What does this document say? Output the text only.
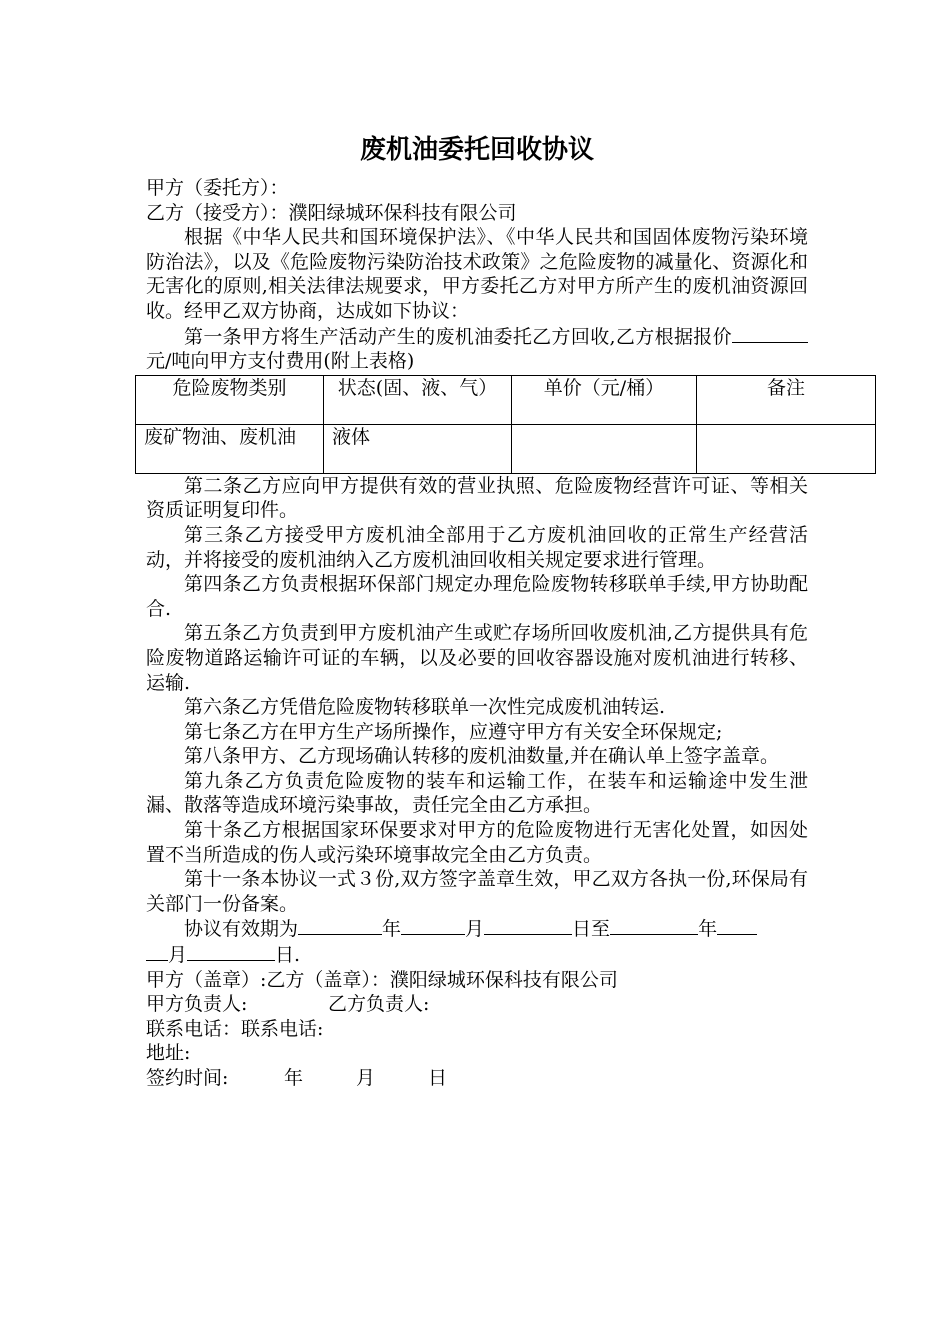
废机油委托回收协议

甲方（委托方）：

乙方（接受方）：濮阳绿城环保科技有限公司

根据《中华人民共和国环境保护法》、《中华人民共和国固体废物污染环境防治法》，以及《危险废物污染防治技术政策》之危险废物的减量化、资源化和无害化的原则,相关法律法规要求，甲方委托乙方对甲方所产生的废机油资源回收。经甲乙双方协商，达成如下协议：

第一条甲方将生产活动产生的废机油委托乙方回收,乙方根据报价元/吨向甲方支付费用(附上表格)

危险废物类别	状态(固、液、气）	单价（元/桶）	备注
废矿物油、废机油	液体		

第二条乙方应向甲方提供有效的营业执照、危险废物经营许可证、等相关资质证明复印件。

第三条乙方接受甲方废机油全部用于乙方废机油回收的正常生产经营活动，并将接受的废机油纳入乙方废机油回收相关规定要求进行管理。

第四条乙方负责根据环保部门规定办理危险废物转移联单手续,甲方协助配合.

第五条乙方负责到甲方废机油产生或贮存场所回收废机油,乙方提供具有危险废物道路运输许可证的车辆，以及必要的回收容器设施对废机油进行转移、运输.

第六条乙方凭借危险废物转移联单一次性完成废机油转运.

第七条乙方在甲方生产场所操作，应遵守甲方有关安全环保规定;

第八条甲方、乙方现场确认转移的废机油数量,并在确认单上签字盖章。

第九条乙方负责危险废物的装车和运输工作，在装车和运输途中发生泄漏、散落等造成环境污染事故，责任完全由乙方承担。

第十条乙方根据国家环保要求对甲方的危险废物进行无害化处置，如因处置不当所造成的伤人或污染环境事故完全由乙方负责。

第十一条本协议一式３份,双方签字盖章生效，甲乙双方各执一份,环保局有关部门一份备案。

协议有效期为	年	月	日至	年
月	日.

甲方（盖章）:乙方（盖章）：濮阳绿城环保科技有限公司

甲方负责人:	乙方负责人:

联系电话：联系电话:

地址:

签约时间:	年	月	日
